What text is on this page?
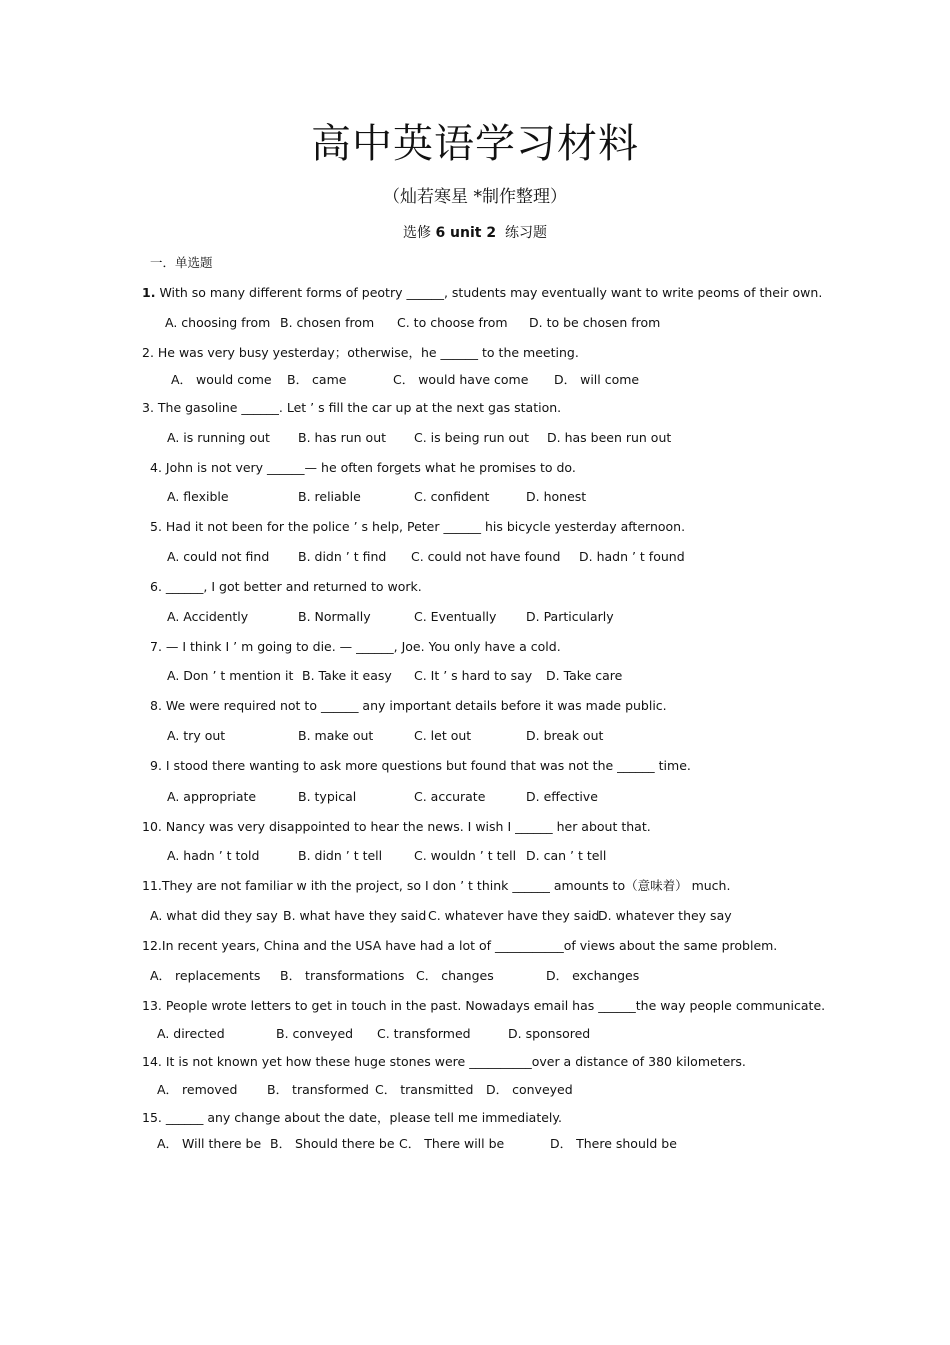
高中英语学习材料
（灿若寒星 *制作整理）
选修 6 unit 2 练习题
一．单选题
1. With so many different forms of peotry ______, students may eventually want to write peoms of their own.
A. choosing from B. chosen from C. to choose from D. to be chosen from
2. He was very busy yesterday；otherwise，he ______ to the meeting.
A． would come B． came	C． would have come D． will come
3. The gasoline ______. Let ’ s fill the car up at the next gas station.
A. is running out B. has run out C. is being run out D. has been run out
4. John is not very ______— he often forgets what he promises to do.
A. flexible	B. reliable	C. confident	D. honest
5. Had it not been for the police ’ s help, Peter ______ his bicycle yesterday afternoon.
A. could not find B. didn ’ t find C. could not have found D. hadn ’ t found
6. ______, I got better and returned to work.
A. Accidently	B. Normally	C. Eventually D. Particularly
7. — I think I ’ m going to die. — ______, Joe. You only have a cold.
A. Don ’ t mention it B. Take it easy C. It ’ s hard to say D. Take care
8. We were required not to ______ any important details before it was made public.
A. try out	B. make out	C. let out	D. break out
9. I stood there wanting to ask more questions but found that was not the ______ time.
A. appropriate	B. typical	C. accurate	D. effective
10. Nancy was very disappointed to hear the news. I wish I ______ her about that.
A. hadn ’ t told	B. didn ’ t tell	C. wouldn ’ t tell D. can ’ t tell
11.They are not familiar w ith the project, so I don ’ t think ______ amounts to（意味着） much.
A. what did they say B. what have they said C. whatever have they said
D. whatever they say
12.In recent years, China and the USA have had a lot of ___________of views about the same problem.
A． replacements B． transformations C． changes	D． exchanges
13. People wrote letters to get in touch in the past. Nowadays email has ______the way people communicate.
A. directed	B. conveyed C. transformed	D. sponsored
14. It is not known yet how these huge stones were __________over a distance of 380 kilometers.
A． removed B． transformed C． transmitted D． conveyed
15. ______ any change about the date，please tell me immediately.
A． Will there be B． Should there be C． There will be	D． There should be
